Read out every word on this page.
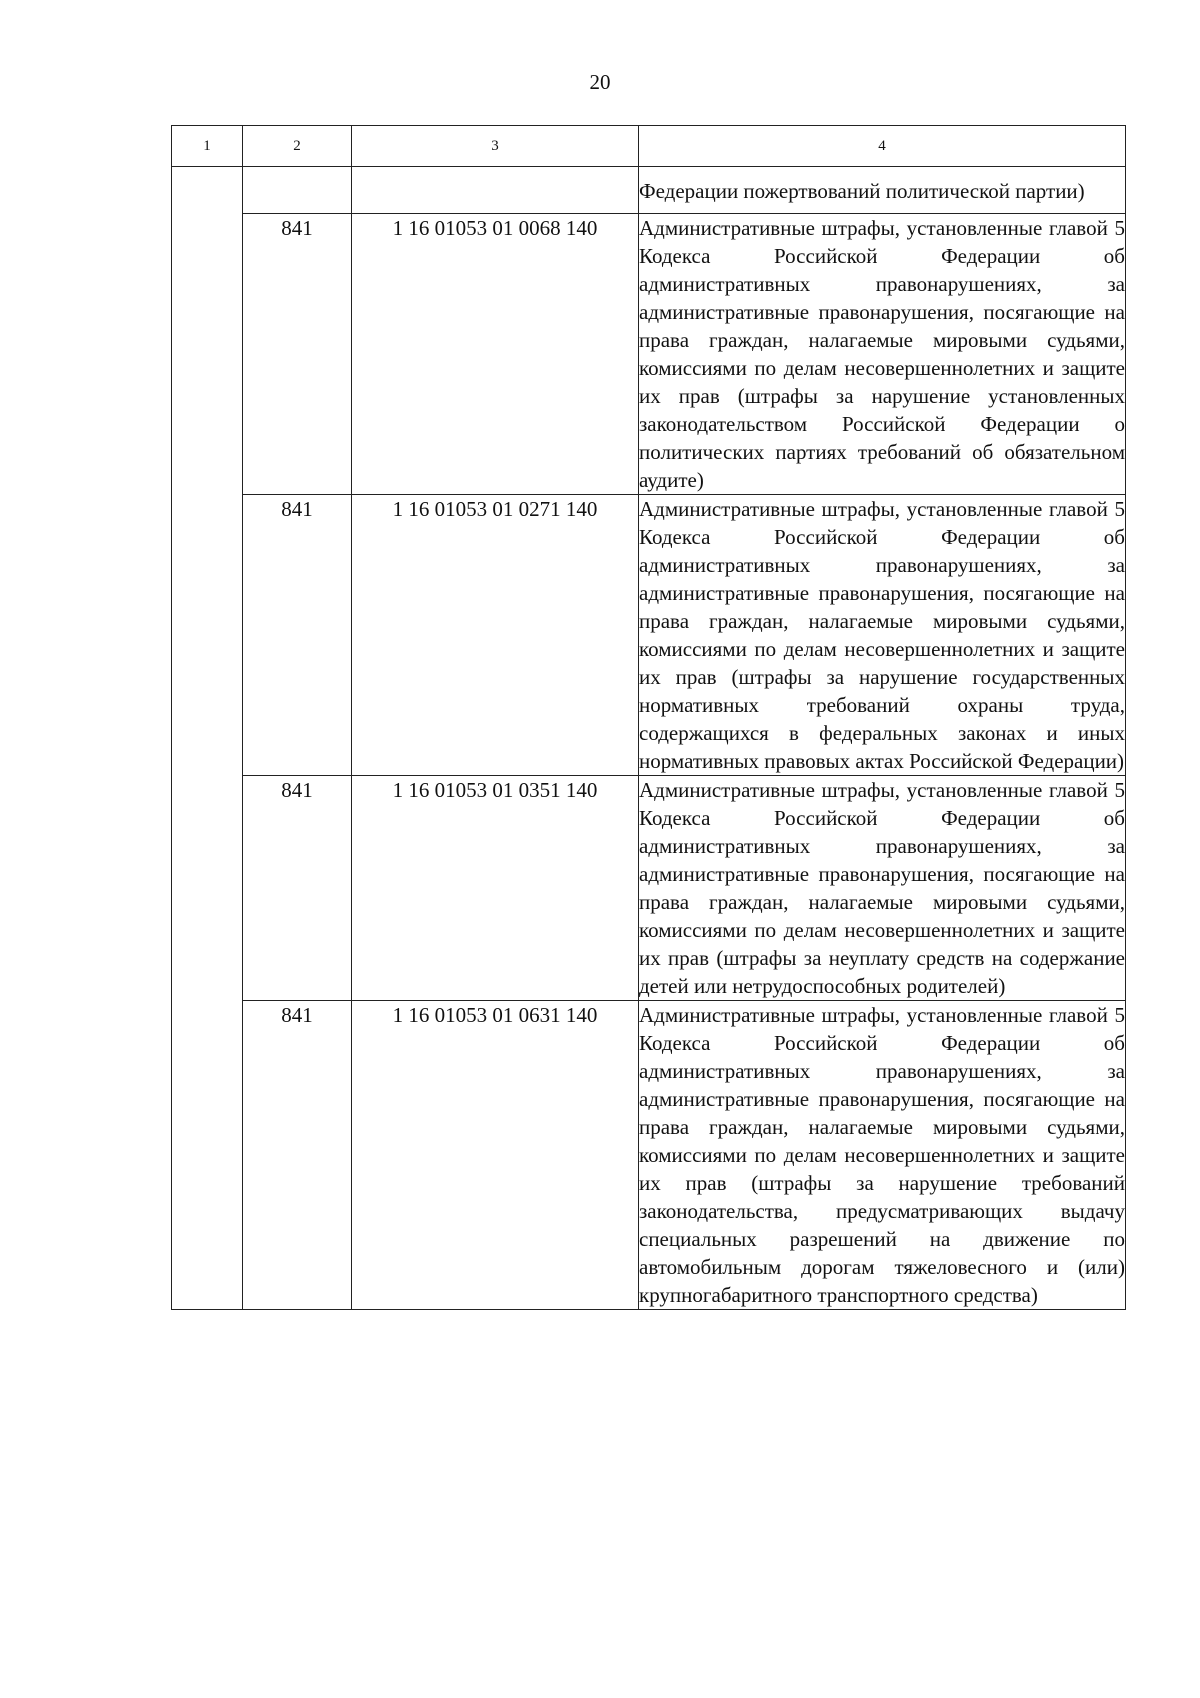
20
1	2	3	4
			Федерации пожертвований политической партии)
	841	1 16 01053 01 0068 140	Административные штрафы, установленные главой 5 Кодекса Российской Федерации об административных правонарушениях, за административные правонарушения, посягающие на права граждан, налагаемые мировыми судьями, комиссиями по делам несовершеннолетних и защите их прав (штрафы за нарушение установленных законодательством Российской Федерации о политических партиях требований об обязательном аудите)
	841	1 16 01053 01 0271 140	Административные штрафы, установленные главой 5 Кодекса Российской Федерации об административных правонарушениях, за административные правонарушения, посягающие на права граждан, налагаемые мировыми судьями, комиссиями по делам несовершеннолетних и защите их прав (штрафы за нарушение государственных нормативных требований охраны труда, содержащихся в федеральных законах и иных нормативных правовых актах Российской Федерации)
	841	1 16 01053 01 0351 140	Административные штрафы, установленные главой 5 Кодекса Российской Федерации об административных правонарушениях, за административные правонарушения, посягающие на права граждан, налагаемые мировыми судьями, комиссиями по делам несовершеннолетних и защите их прав (штрафы за неуплату средств на содержание детей или нетрудоспособных родителей)
	841	1 16 01053 01 0631 140	Административные штрафы, установленные главой 5 Кодекса Российской Федерации об административных правонарушениях, за административные правонарушения, посягающие на права граждан, налагаемые мировыми судьями, комиссиями по делам несовершеннолетних и защите их прав (штрафы за нарушение требований законодательства, предусматривающих выдачу специальных разрешений на движение по автомобильным дорогам тяжеловесного и (или) крупногабаритного транспортного средства)
